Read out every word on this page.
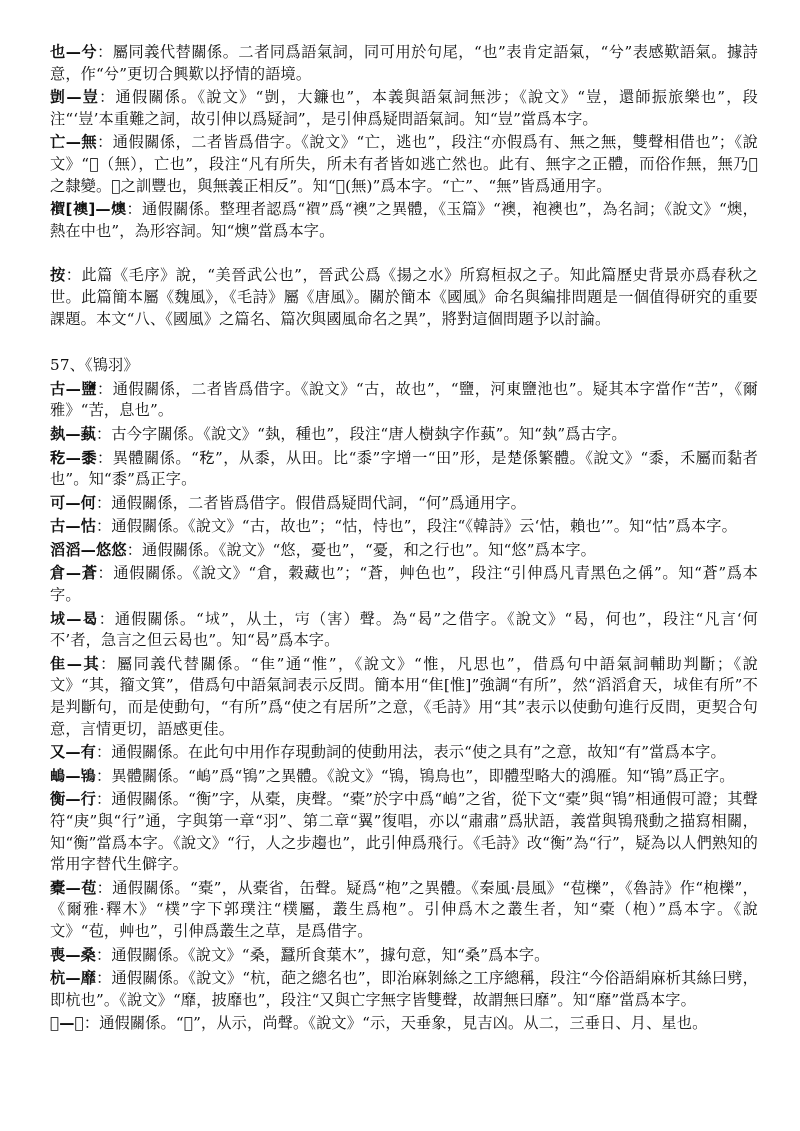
也—兮：屬同義代替關係。二者同爲語氣詞，同可用於句尾，“也”表肯定語氣，“兮”表感歎語氣。據詩意，作“兮”更切合興歎以抒情的語境。

剴—豈：通假關係。《說文》“剴，大鐮也”，本義與語氣詞無涉；《說文》“豈，還師振旅樂也”，段注“‘豈’本重難之詞，故引伸以爲疑詞”，是引伸爲疑問語氣詞。知“豈”當爲本字。

亡—無：通假關係，二者皆爲借字。《說文》“亡，逃也”，段注“亦假爲有、無之無，雙聲相借也”；《說文》“𣞣（無），亡也”，段注“凡有所失，所未有者皆如逃亡然也。此有、無字之正體，而俗作無，無乃𣞣之隸變。𣞣之訓豐也，與無義正相反”。知“𣞣(無)”爲本字。“亡”、“無”皆爲通用字。

𧝂[襖]—燠：通假關係。整理者認爲“𧝂”爲“襖”之異體，《玉篇》“襖，袍襖也”，為名詞；《說文》“燠，熱在中也”，為形容詞。知“燠”當爲本字。

按：此篇《毛序》說，“美晉武公也”，晉武公爲《揚之水》所寫桓叔之子。知此篇歷史背景亦爲春秋之世。此篇簡本屬《魏風》，《毛詩》屬《唐風》。關於簡本《國風》命名與編排問題是一個值得研究的重要課題。本文“八、《國風》之篇名、篇次與國風命名之異”，將對這個問題予以討論。

57、《鴇羽》

古—鹽：通假關係，二者皆爲借字。《說文》“古，故也”，“鹽，河東鹽池也”。疑其本字當作“苦”，《爾雅》“苦，息也”。

埶—蓺：古今字關係。《說文》“埶，種也”，段注“唐人樹埶字作蓺”。知“埶”爲古字。

𥝖—黍：異體關係。“𥝖”，从黍，从田。比“黍”字增一“田”形，是楚係繁體。《說文》“黍，禾屬而黏者也”。知“黍”爲正字。

可—何：通假關係，二者皆爲借字。假借爲疑問代詞，“何”爲通用字。

古—怙：通假關係。《說文》“古，故也”；“怙，恃也”，段注“《韓詩》云‘怙，賴也’”。知“怙”爲本字。

滔滔—悠悠：通假關係。《說文》“悠，憂也”，“憂，和之行也”。知“悠”爲本字。

倉—蒼：通假關係。《說文》“倉，穀藏也”；“蒼，艸色也”，段注“引伸爲凡青黑色之偁”。知“蒼”爲本字。

𡊸—曷：通假關係。“𡊸”，从土，𡧍（害）聲。為“曷”之借字。《說文》“曷，何也”，段注“凡言‘何不’者，急言之但云曷也”。知“曷”爲本字。

隹—其：屬同義代替關係。“隹”通“惟”，《說文》“惟，凡思也”，借爲句中語氣詞輔助判斷；《說文》“其，籀文箕”，借爲句中語氣詞表示反問。簡本用“隹[惟]”強調“有所”，然“滔滔倉天，𡊸隹有所”不是判斷句，而是使動句，“有所”爲“使之有居所”之意，《毛詩》用“其”表示以使動句進行反問，更契合句意，言情更切，語感更佳。

又—有：通假關係。在此句中用作存現動詞的使動用法，表示“使之具有”之意，故知“有”當爲本字。

𩿬—鴇：異體關係。“𩿬”爲“鴇”之異體。《說文》“鴇，鴇鳥也”，即體型略大的鴻雁。知“鴇”爲正字。

𧗾—行：通假關係。“𧗾”字，从橐，庚聲。“橐”於字中爲“𩿬”之省，從下文“橐”與“鴇”相通假可證；其聲符“庚”與“行”通，字與第一章“羽”、第二章“翼”復唱，亦以“肅肅”爲狀語，義當與鴇飛動之描寫相關，知“𧗾”當爲本字。《說文》“行，人之步趨也”，此引伸爲飛行。《毛詩》改“𧗾”為“行”，疑為以人們熟知的常用字替代生僻字。

橐—苞：通假關係。“橐”，从橐省，缶聲。疑爲“枹”之異體。《秦風·晨風》“苞櫟”，《魯詩》作“枹櫟”，《爾雅·釋木》“樸”字下郭璞注“樸屬，叢生爲枹”。引伸爲木之叢生者，知“橐（枹）”爲本字。《說文》“苞，艸也”，引伸爲叢生之草，是爲借字。

喪—桑：通假關係。《說文》“桑，蠶所食葉木”，據句意，知“桑”爲本字。

杭—靡：通假關係。《說文》“杭，葩之總名也”，即治麻剝絲之工序總稱，段注“今俗語絹麻析其絲曰劈，即杭也”。《說文》“靡，披靡也”，段注“又與亡字無字皆雙聲，故謂無曰靡”。知“靡”當爲本字。

𥙊—常：通假關係。“𥙊”，从示，尚聲。《說文》“示，天垂象，見吉凶。从二，三垂日、月、星也。
